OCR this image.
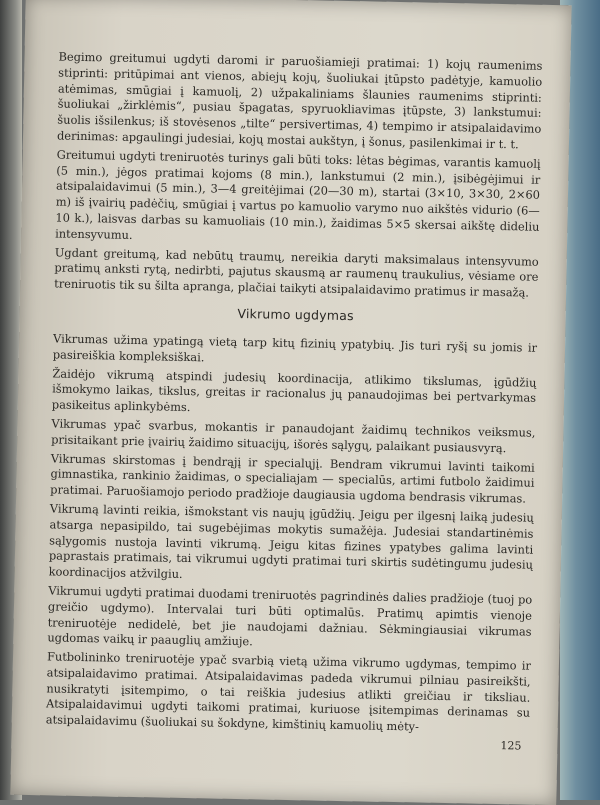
Begimo greitumui ugdyti daromi ir paruošiamieji pratimai: 1) kojų raumenims stiprinti: pritūpimai ant vienos, abiejų kojų, šuoliukai įtūpsto padėtyje, kamuolio atėmimas, smūgiai į kamuolį, 2) užpakaliniams šlaunies raumenims stiprinti: šuoliukai „žirklėmis“, pusiau špagatas, spyruokliavimas įtūpste, 3) lankstumui: šuolis išsilenkus; iš stovėsenos „tilte“ persivertimas, 4) tempimo ir atsipalaidavimo derinimas: apgaulingi judesiai, kojų mostai aukštyn, į šonus, pasilenkimai ir t. t.

Greitumui ugdyti treniruotės turinys gali būti toks: lėtas bėgimas, varantis kamuolį (5 min.), jėgos pratimai kojoms (8 min.), lankstumui (2 min.), įsibėgėjimui ir atsipalaidavimui (5 min.), 3—4 greitėjimai (20—30 m), startai (3×10, 3×30, 2×60 m) iš įvairių padėčių, smūgiai į vartus po kamuolio varymo nuo aikštės vidurio (6—10 k.), laisvas darbas su kamuoliais (10 min.), žaidimas 5×5 skersai aikštę dideliu intensyvumu.

Ugdant greitumą, kad nebūtų traumų, nereikia daryti maksimalaus intensyvumo pratimų anksti rytą, nedirbti, pajutus skausmą ar raumenų traukulius, vėsiame ore treniruotis tik su šilta apranga, plačiai taikyti atsipalaidavimo pratimus ir masažą.

Vikrumo ugdymas

Vikrumas užima ypatingą vietą tarp kitų fizinių ypatybių. Jis turi ryšį su jomis ir pasireiškia kompleksiškai.

Žaidėjo vikrumą atspindi judesių koordinacija, atlikimo tikslumas, įgūdžių išmokymo laikas, tikslus, greitas ir racionalus jų panaudojimas bei pertvarkymas pasikeitus aplinkybėms.

Vikrumas ypač svarbus, mokantis ir panaudojant žaidimų technikos veiksmus, prisitaikant prie įvairių žaidimo situacijų, išorės sąlygų, palaikant pusiausvyrą.

Vikrumas skirstomas į bendrąjį ir specialųjį. Bendram vikrumui lavinti taikomi gimnastika, rankinio žaidimas, o specialiajam — specialūs, artimi futbolo žaidimui pratimai. Paruošiamojo periodo pradžioje daugiausia ugdoma bendrasis vikrumas.

Vikrumą lavinti reikia, išmokstant vis naujų įgūdžių. Jeigu per ilgesnį laiką judesių atsarga nepasipildo, tai sugebėjimas mokytis sumažėja. Judesiai standartinėmis sąlygomis nustoja lavinti vikrumą. Jeigu kitas fizines ypatybes galima lavinti paprastais pratimais, tai vikrumui ugdyti pratimai turi skirtis sudėtingumu judesių koordinacijos atžvilgiu.

Vikrumui ugdyti pratimai duodami treniruotės pagrindinės dalies pradžioje (tuoj po greičio ugdymo). Intervalai turi būti optimalūs. Pratimų apimtis vienoje treniruotėje nedidelė, bet jie naudojami dažniau. Sėkmingiausiai vikrumas ugdomas vaikų ir paauglių amžiuje.

Futbolininko treniruotėje ypač svarbią vietą užima vikrumo ugdymas, tempimo ir atsipalaidavimo pratimai. Atsipalaidavimas padeda vikrumui pilniau pasireikšti, nusikratyti įsitempimo, o tai reiškia judesius atlikti greičiau ir tiksliau. Atsipalaidavimui ugdyti taikomi pratimai, kuriuose įsitempimas derinamas su atsipalaidavimu (šuoliukai su šokdyne, kimštinių kamuolių mėty-

125
